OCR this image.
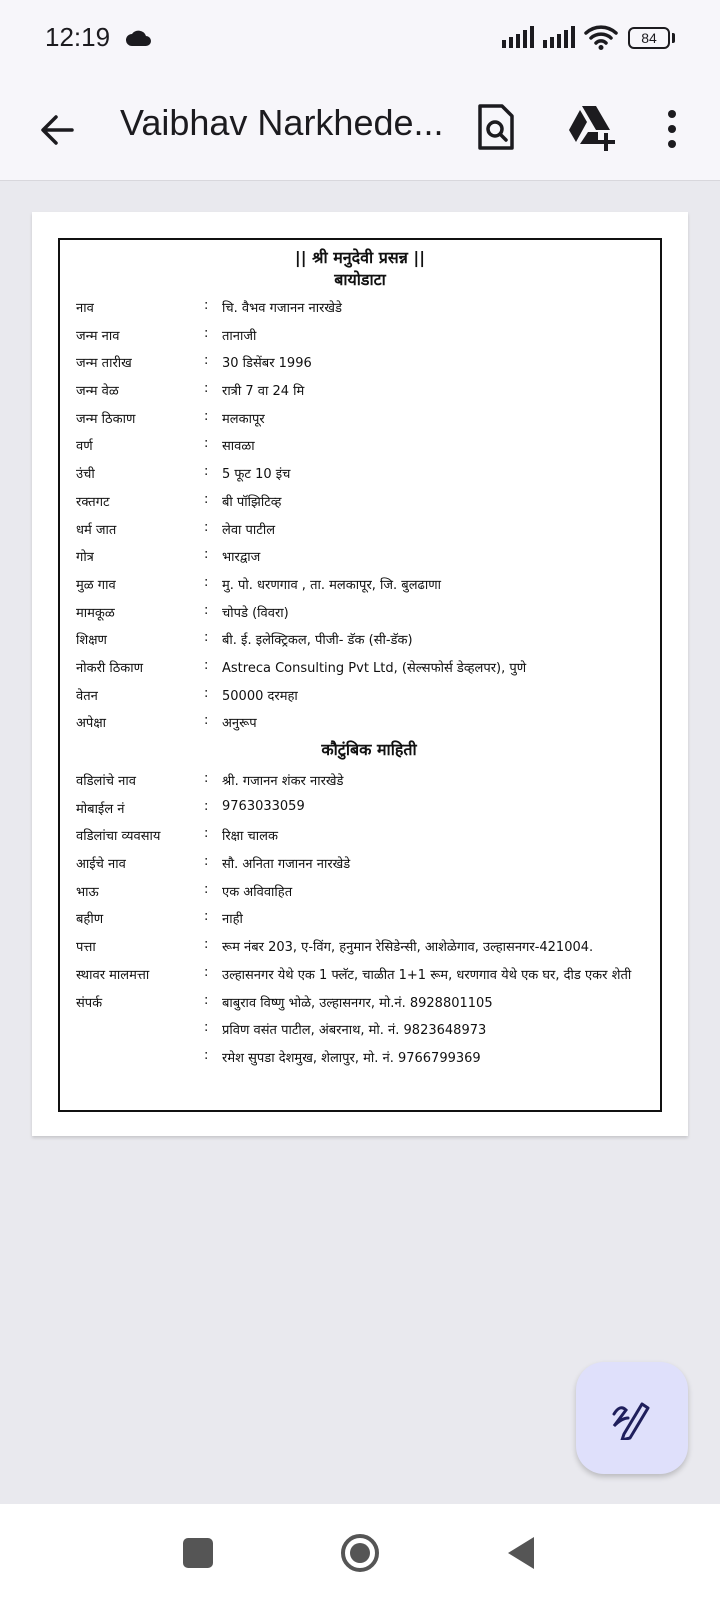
12:19	84
Vaibhav Narkhede...
|| श्री मनुदेवी प्रसन्न ||
बायोडाटा
नाव	: चि. वैभव गजानन नारखेडे
जन्म नाव	: तानाजी
जन्म तारीख	: 30 डिसेंबर 1996
जन्म वेळ	: रात्री 7 वा 24 मि
जन्म ठिकाण	: मलकापूर
वर्ण	: सावळा
उंची	: 5 फूट 10 इंच
रक्तगट	: बी पॉझिटिव्ह
धर्म जात	: लेवा पाटील
गोत्र	: भारद्वाज
मुळ गाव	: मु. पो. धरणगाव , ता. मलकापूर, जि. बुलढाणा
मामकूळ	: चोपडे (विवरा)
शिक्षण	: बी. ई. इलेक्ट्रिकल, पीजी- डॅक (सी-डॅक)
नोकरी ठिकाण	: Astreca Consulting Pvt Ltd, (सेल्सफोर्स डेव्हलपर), पुणे
वेतन	: 50000 दरमहा
अपेक्षा	: अनुरूप
कौटुंबिक माहिती
वडिलांचे नाव	: श्री. गजानन शंकर नारखेडे
मोबाईल नं	: 9763033059
वडिलांचा व्यवसाय	: रिक्षा चालक
आईचे नाव	: सौ. अनिता गजानन नारखेडे
भाऊ	: एक अविवाहित
बहीण	: नाही
पत्ता	: रूम नंबर 203, ए-विंग, हनुमान रेसिडेन्सी, आशेळेगाव, उल्हासनगर-421004.
स्थावर मालमत्ता	: उल्हासनगर येथे एक 1 फ्लॅट, चाळीत 1+1 रूम, धरणगाव येथे एक घर, दीड एकर शेती
संपर्क	: बाबुराव विष्णु भोळे, उल्हासनगर, मो.नं. 8928801105
: प्रविण वसंत पाटील, अंबरनाथ, मो. नं. 9823648973
: रमेश सुपडा देशमुख, शेलापुर, मो. नं. 9766799369
